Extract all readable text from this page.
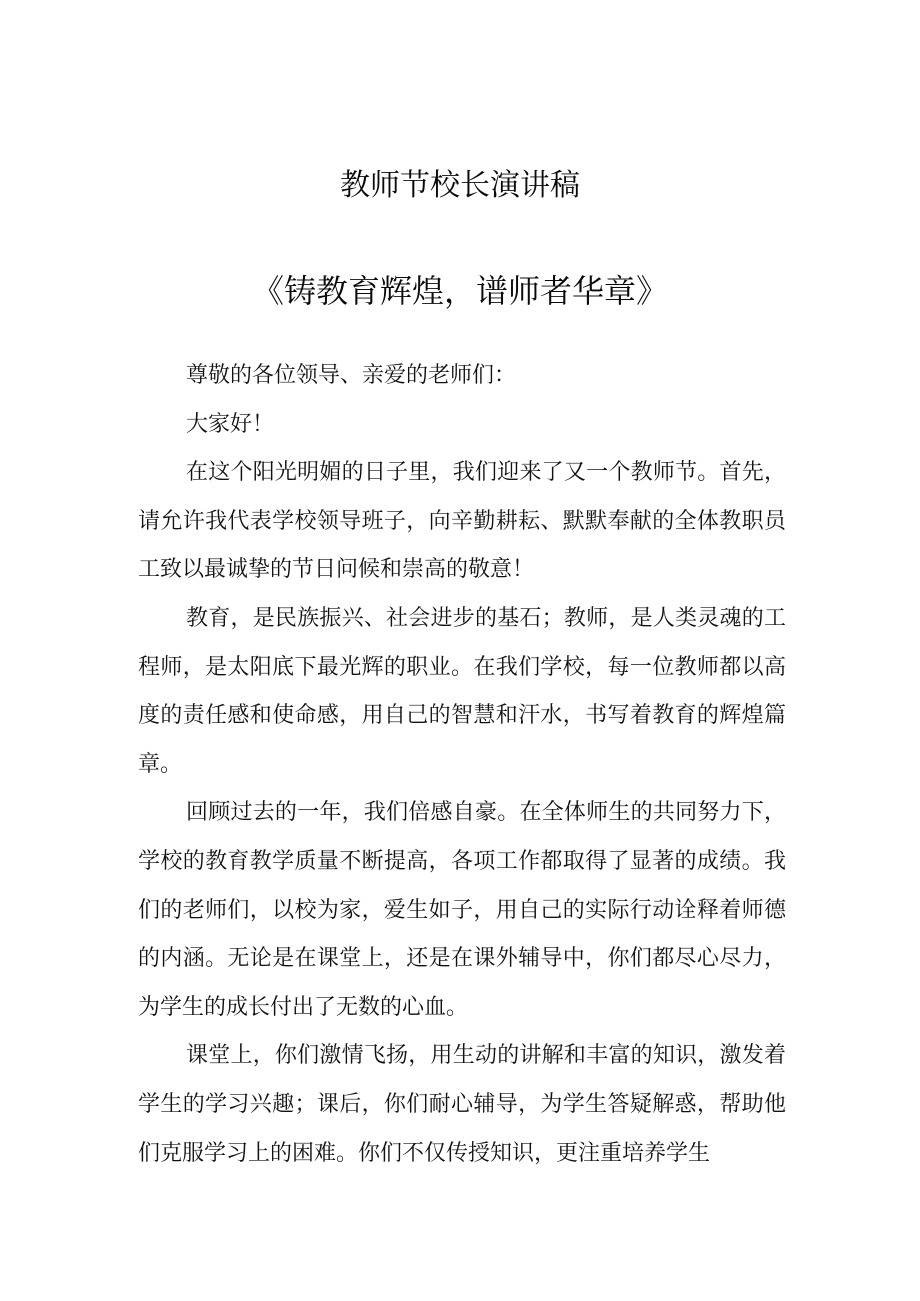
教师节校长演讲稿
《铸教育辉煌，谱师者华章》

尊敬的各位领导、亲爱的老师们：

大家好！

在这个阳光明媚的日子里，我们迎来了又一个教师节。首先，请允许我代表学校领导班子，向辛勤耕耘、默默奉献的全体教职员工致以最诚挚的节日问候和崇高的敬意！

教育，是民族振兴、社会进步的基石；教师，是人类灵魂的工程师，是太阳底下最光辉的职业。在我们学校，每一位教师都以高度的责任感和使命感，用自己的智慧和汗水，书写着教育的辉煌篇章。

回顾过去的一年，我们倍感自豪。在全体师生的共同努力下，学校的教育教学质量不断提高，各项工作都取得了显著的成绩。我们的老师们，以校为家，爱生如子，用自己的实际行动诠释着师德的内涵。无论是在课堂上，还是在课外辅导中，你们都尽心尽力，为学生的成长付出了无数的心血。

课堂上，你们激情飞扬，用生动的讲解和丰富的知识，激发着学生的学习兴趣；课后，你们耐心辅导，为学生答疑解惑，帮助他们克服学习上的困难。你们不仅传授知识，更注重培养学生
